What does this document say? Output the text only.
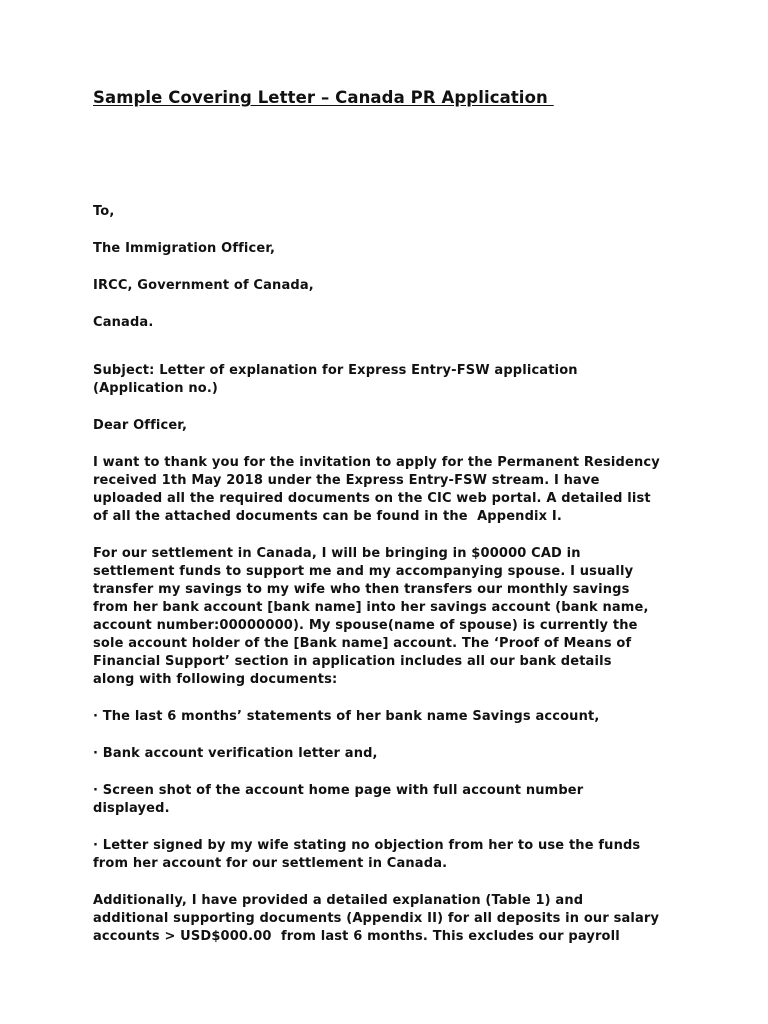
Sample Covering Letter – Canada PR Application

To,

The Immigration Officer,

IRCC, Government of Canada,

Canada.

Subject: Letter of explanation for Express Entry-FSW application
(Application no.)

Dear Officer,

I want to thank you for the invitation to apply for the Permanent Residency
received 1th May 2018 under the Express Entry-FSW stream. I have
uploaded all the required documents on the CIC web portal. A detailed list
of all the attached documents can be found in the  Appendix I.

For our settlement in Canada, I will be bringing in $00000 CAD in
settlement funds to support me and my accompanying spouse. I usually
transfer my savings to my wife who then transfers our monthly savings
from her bank account [bank name] into her savings account (bank name,
account number:00000000). My spouse(name of spouse) is currently the
sole account holder of the [Bank name] account. The ‘Proof of Means of
Financial Support’ section in application includes all our bank details
along with following documents:

· The last 6 months’ statements of her bank name Savings account,

· Bank account verification letter and,

· Screen shot of the account home page with full account number
displayed.

· Letter signed by my wife stating no objection from her to use the funds
from her account for our settlement in Canada.

Additionally, I have provided a detailed explanation (Table 1) and
additional supporting documents (Appendix II) for all deposits in our salary
accounts > USD$000.00  from last 6 months. This excludes our payroll
